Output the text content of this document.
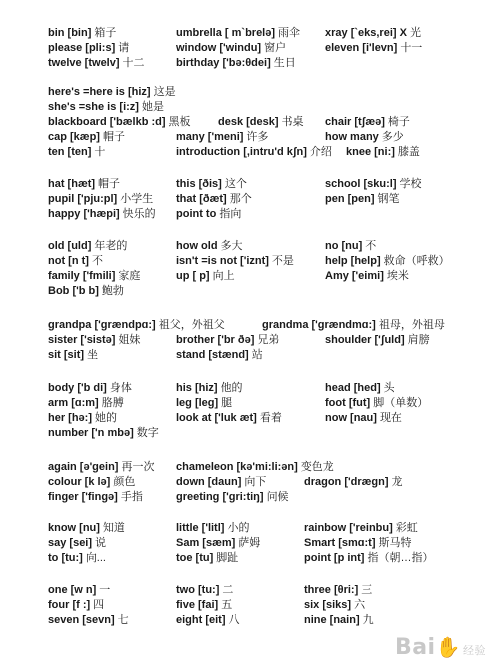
bin [bin] 箱子	umbrella [ m`brelə] 雨伞 xray [`eks,rei] X 光
please [pli:s] 请	window ['windu] 窗户	eleven [i'levn] 十一
twelve [twelv] 十二	birthday ['bə:θdei] 生日
here's =here is [hiz] 这是
she's =she is [i:z] 她是
blackboard ['bælkb :d] 黑板 desk [desk] 书桌 chair [tʃæə] 椅子
cap [kæp] 帽子	many ['meni] 许多	how many 多少
ten [ten] 十	introduction [,intru'd kʃn] 介绍 knee [ni:] 膝盖
hat [hæt] 帽子	this [ðis] 这个	school [sku:l] 学校
pupil ['pju:pl] 小学生 that [ðæt] 那个	pen [pen] 钢笔
happy ['hæpi] 快乐的 point to 指向
old [uld] 年老的	how old 多大	no [nu] 不
not [n t] 不	isn't =is not ['iznt] 不是	help [help] 救命（呼救）
family ['fmili] 家庭	up [ p] 向上	Amy ['eimi] 埃米
Bob ['b b] 鲍勃
grandpa ['grændpɑ:] 祖父，外祖父	grandma ['grændmɑ:] 祖母，外祖母
sister ['sistə] 姐妹	brother ['br ðə] 兄弟	shoulder ['ʃuld] 肩膀
sit [sit] 坐	stand [stænd] 站
body ['b di] 身体	his [hiz] 他的	head [hed] 头
arm [ɑ:m] 胳膊	leg [leg] 腿	foot [fut] 脚（单数）
her [hə:] 她的	look at ['luk æt] 看着	now [nau] 现在
number ['n mbə] 数字
again [ə'gein] 再一次 chameleon [kə'mi:li:ən] 变色龙
colour [k lə] 颜色	down [daun] 向下	dragon ['drægn] 龙
finger ['fingə] 手指	greeting ['gri:tiŋ] 问候
know [nu] 知道	little ['litl] 小的	rainbow ['reinbu] 彩虹
say [sei] 说	Sam [sæm] 萨姆	Smart [smɑ:t] 斯马特
to [tu:] 向...	toe [tu] 脚趾	point [p int] 指（朝…指）
one [w n] 一	two [tu:] 二	three [θri:] 三
four [f :] 四	five [fai] 五	six [siks] 六
seven [sevn] 七	eight [eit] 八	nine [nain] 九
Bai✋ 经验
